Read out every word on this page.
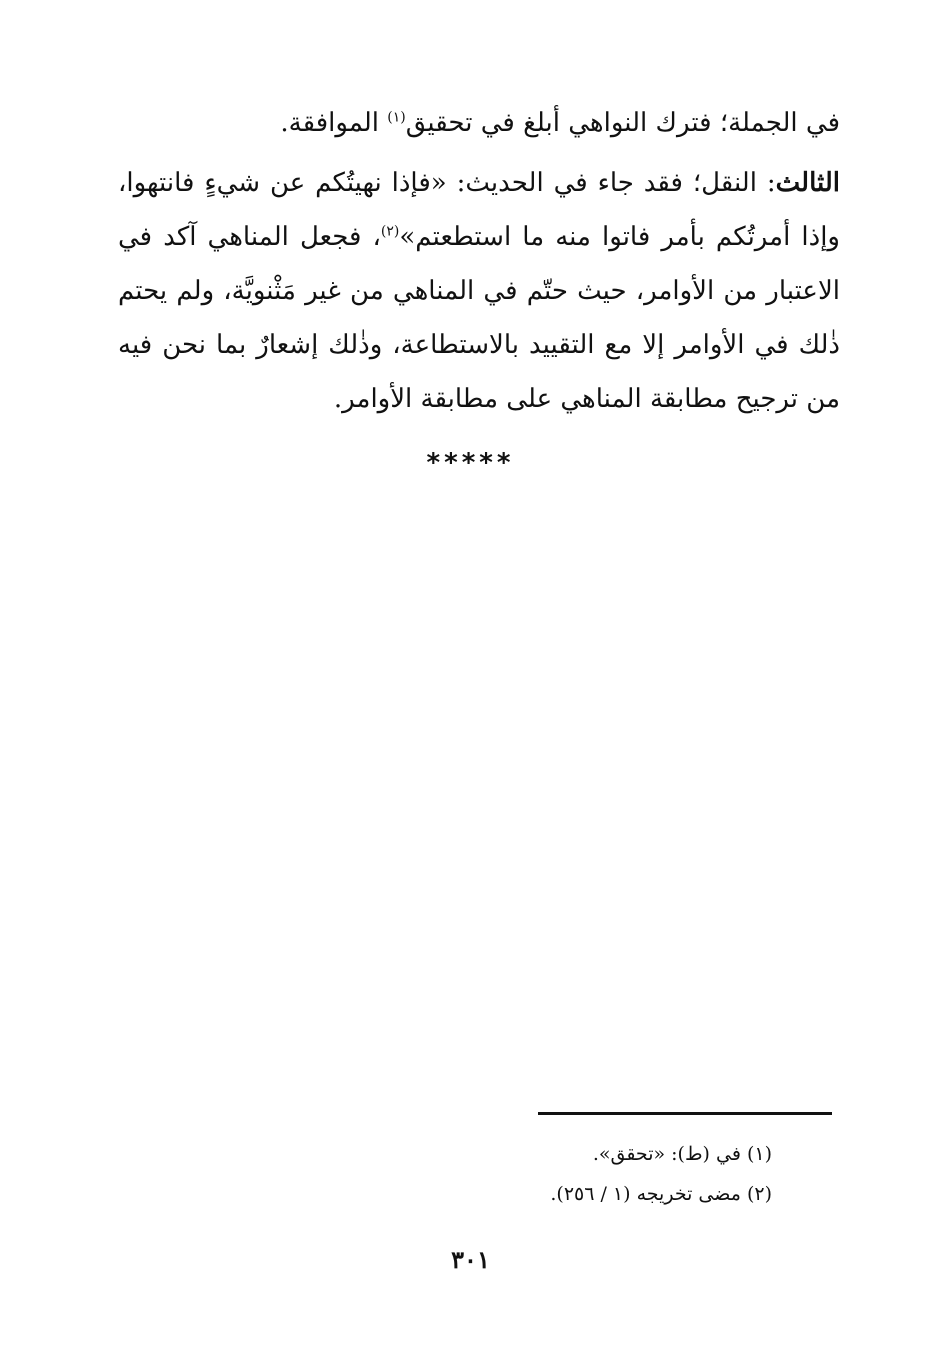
في الجملة؛ فترك النواهي أبلغ في تحقيق$^{(١)}$ الموافقة.

الثالث: النقل؛ فقد جاء في الحديث: «فإذا نهيتُكم عن شيءٍ فانتهوا، وإذا أمرتُكم بأمر فاتوا منه ما استطعتم»$^{(٢)}$، فجعل المناهي آكد في الاعتبار من الأوامر، حيث حتّم في المناهي من غير مَثْنويَّة، ولم يحتم ذٰلك في الأوامر إلا مع التقييد بالاستطاعة، وذٰلك إشعارٌ بما نحن فيه من ترجيح مطابقة المناهي على مطابقة الأوامر.

*****

(١) في (ط): «تحقق».

(٢) مضى تخريجه (١ / ٢٥٦).

٣٠١
